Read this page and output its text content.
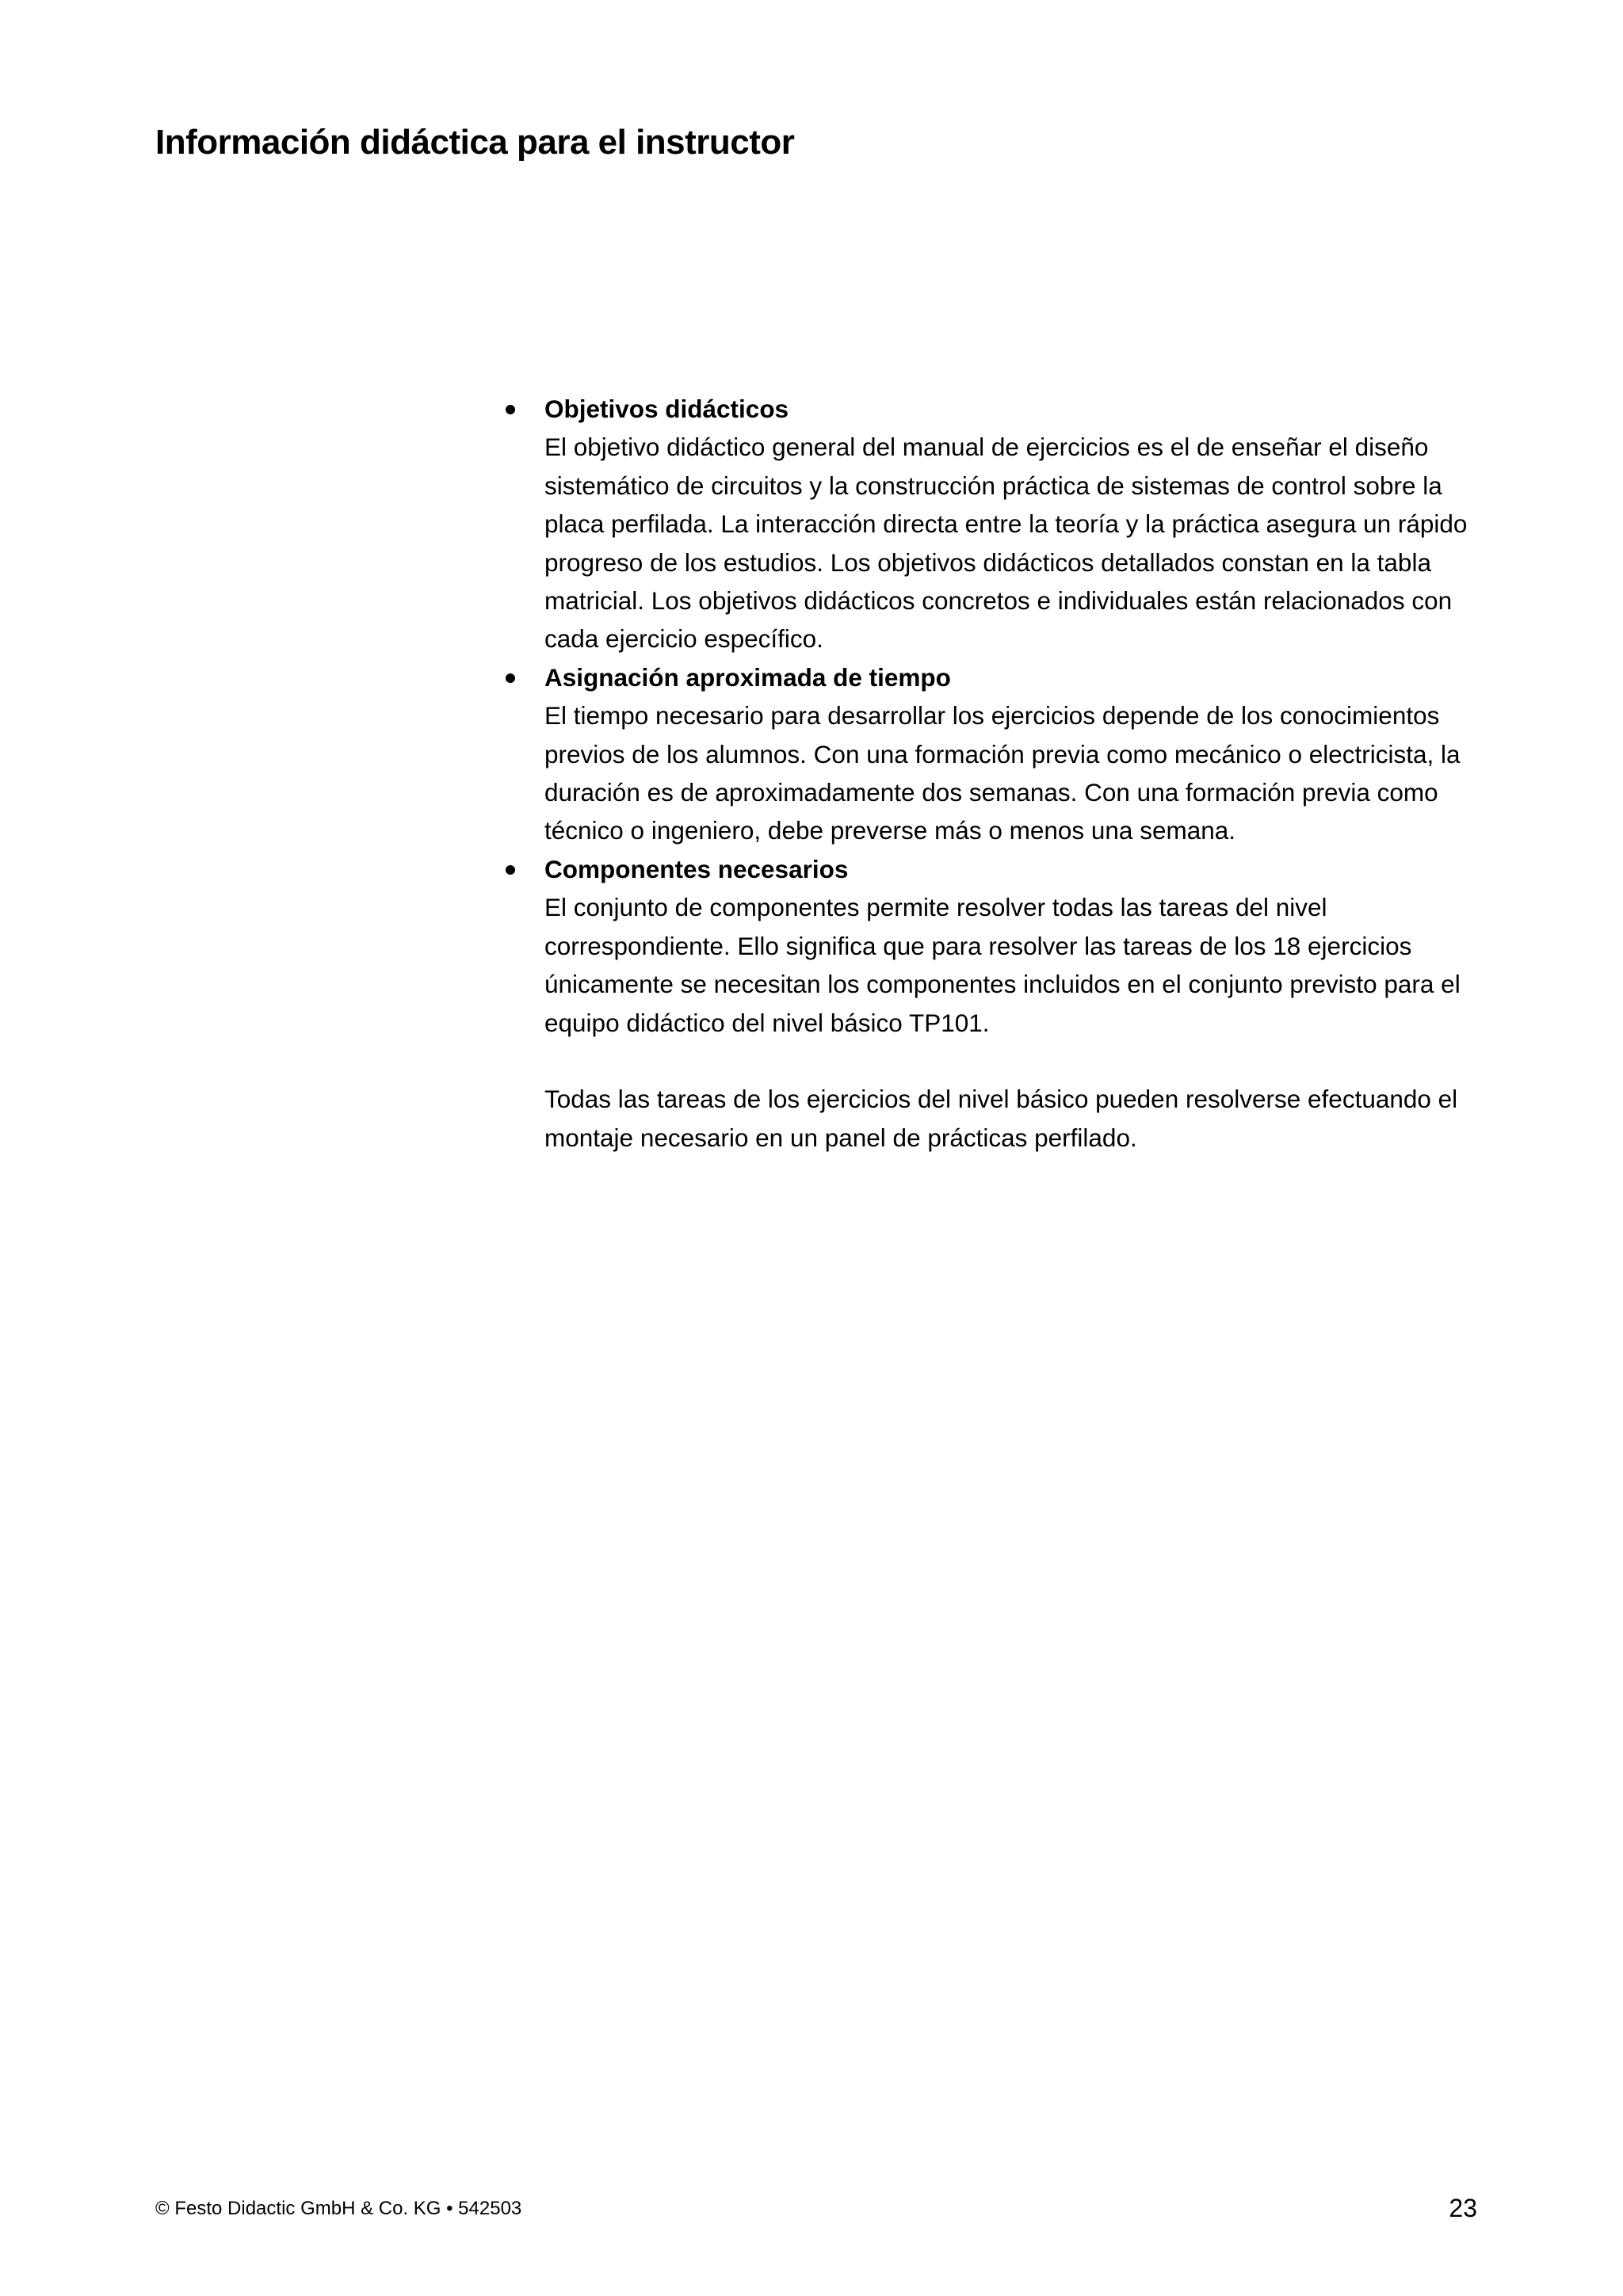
Información didáctica para el instructor
Objetivos didácticos
El objetivo didáctico general del manual de ejercicios es el de enseñar el diseño sistemático de circuitos y la construcción práctica de sistemas de control sobre la placa perfilada. La interacción directa entre la teoría y la práctica asegura un rápido progreso de los estudios. Los objetivos didácticos detallados constan en la tabla matricial. Los objetivos didácticos concretos e individuales están relacionados con cada ejercicio específico.
Asignación aproximada de tiempo
El tiempo necesario para desarrollar los ejercicios depende de los conocimientos previos de los alumnos. Con una formación previa como mecánico o electricista, la duración es de aproximadamente dos semanas. Con una formación previa como técnico o ingeniero, debe preverse más o menos una semana.
Componentes necesarios
El conjunto de componentes permite resolver todas las tareas del nivel correspondiente. Ello significa que para resolver las tareas de los 18 ejercicios únicamente se necesitan los componentes incluidos en el conjunto previsto para el equipo didáctico del nivel básico TP101.

Todas las tareas de los ejercicios del nivel básico pueden resolverse efectuando el montaje necesario en un panel de prácticas perfilado.

© Festo Didactic GmbH & Co. KG • 542503	23
